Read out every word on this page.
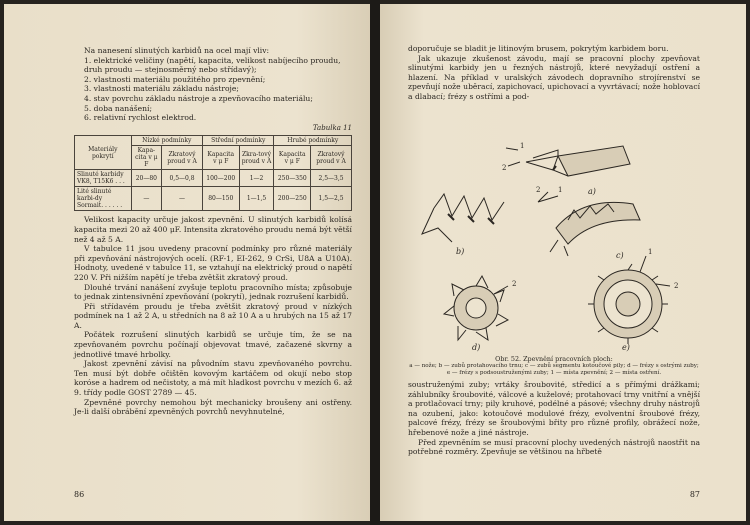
Na nanesení slinutých karbidů na ocel mají vliv:

1. elektrické veličiny (napětí, kapacita, velikost nabíjecího proudu, druh proudu — stejnosměrný nebo střídavý);
2. vlastnosti materiálu použitého pro zpevnění;
3. vlastnosti materiálu základu nástroje;
4. stav povrchu základu nástroje a zpevňovacího materiálu;
5. doba nanášení;
6. relativní rychlost elektrod.
Tabulka 11
Materiály pokrytí	Nízké podmínky		Střední podmínky		Hrubé podmínky	
	Kapa-cita v μ F	Zkratový proud v A	Kapacita v μ F	Zkra-tový proud v A	Kapacita v μ F	Zkratový proud v A
Slinuté karbidy VK8, T15K6 . . .	20—80	0,5—0,8	100—200	1—2	250—350	2,5—3,5
Lité slinuté karbi-dy Sormait. . . . . .	—	—	80—150	1—1,5	200—250	1,5—2,5

Velikost kapacity určuje jakost zpevnění. U slinutých karbidů kolísá kapacita mezi 20 až 400 μF. Intensita zkratového proudu nemá být větší než 4 až 5 A.

V tabulce 11 jsou uvedeny pracovní podmínky pro různé materiály při zpevňování nástrojových ocelí. (RF-1, EI-262, 9 CrSi, U8A a U10A). Hodnoty, uvedené v tabulce 11, se vztahují na elektrický proud o napětí 220 V. Při nižším napětí je třeba zvětšit zkratový proud.

Dlouhé trvání nanášení zvyšuje teplotu pracovního místa; způsobuje to jednak zintensivnění zpevňování (pokrytí), jednak rozrušení karbidů.

Při střídavém proudu je třeba zvětšit zkratový proud v nízkých podmínek na 1 až 2 A, u středních na 8 až 10 A a u hrubých na 15 až 17 A.

Počátek rozrušení slinutých karbidů se určuje tím, že se na zpevňovaném povrchu počínají objevovat tmavé, začazené skvrny a jednotlivé tmavé hrbolky.

Jakost zpevnění závisí na původním stavu zpevňovaného povrchu. Ten musí být dobře očištěn kovovým kartáčem od okují nebo stop koróse a hadrem od nečistoty, a má mít hladkost povrchu v mezích 6. až 9. třídy podle GOST 2789 — 45.

Zpevněné povrchy nemohou být mechanicky broušeny ani ostřeny. Je-li další obrábění zpevněných povrchů nevyhnutelné,

86

doporučuje se bladit je litinovým brusem, pokrytým karbidem boru.

Jak ukazuje zkušenost závodu, mají se pracovní plochy zpevňovat slinutými karbidy jen u řezných nástrojů, které nevyžadují ostření a hlazení. Na příklad v uralských závodech dopravního strojírenství se zpevňují nože uběrací, zapichovací, upichovací a vyvrtávací; nože hoblovací a dlabací; frézy s ostřími a pod-

a)
b)	c)
d)	e)
1
2
2	1
2
1
2
Obr. 52. Zpevnění pracovních ploch:
a — nože; b — zubů protahovacího trnu; c — zubů segmentu kotoučové pily; d — frézy s ostrými zuby; e — frézy s podsoustruženými zuby; 1 — místa zpevnění; 2 — místa ostření.

soustruženými zuby; vrtáky šroubovité, středicí a s přímými drážkami; záhlubníky šroubovité, válcové a kuželové; protahovací trny vnitřní a vnější a protlačovací trny; pily kruhové, podélné a pásové; všechny druhy nástrojů na ozubení, jako: kotoučové modulové frézy, evolventní šroubové frézy, palcové frézy, frézy se šroubovými břity pro různé profily, obrážecí nože, hřebenové nože a jiné nástroje.

Před zpevněním se musí pracovní plochy uvedených nástrojů naostřit na potřebné rozměry. Zpevňuje se většinou na hřbetě

87
